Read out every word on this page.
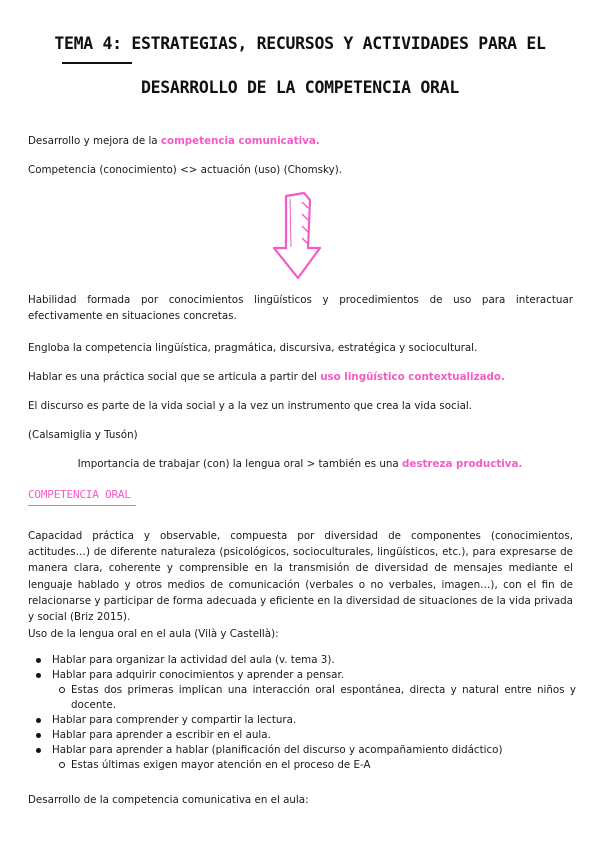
TEMA 4: ESTRATEGIAS, RECURSOS Y ACTIVIDADES PARA EL
DESARROLLO DE LA COMPETENCIA ORAL

Desarrollo y mejora de la competencia comunicativa.

Competencia (conocimiento) <> actuación (uso) (Chomsky).

Habilidad formada por conocimientos lingüísticos y procedimientos de uso para interactuar efectivamente en situaciones concretas.

Engloba la competencia lingüística, pragmática, discursiva, estratégica y sociocultural.

Hablar es una práctica social que se articula a partir del uso lingüístico contextualizado.

El discurso es parte de la vida social y a la vez un instrumento que crea la vida social.

(Calsamiglia y Tusón)

Importancia de trabajar (con) la lengua oral > también es una destreza productiva.

COMPETENCIA ORAL

Capacidad práctica y observable, compuesta por diversidad de componentes (conocimientos, actitudes…) de diferente naturaleza (psicológicos, socioculturales, lingüísticos, etc.), para expresarse de manera clara, coherente y comprensible en la transmisión de diversidad de mensajes mediante el lenguaje hablado y otros medios de comunicación (verbales o no verbales, imagen…), con el fin de relacionarse y participar de forma adecuada y eficiente en la diversidad de situaciones de la vida privada y social (Briz 2015).

Uso de la lengua oral en el aula (Vilà y Castellà):

Hablar para organizar la actividad del aula (v. tema 3).
Hablar para adquirir conocimientos y aprender a pensar.
Estas dos primeras implican una interacción oral espontánea, directa y natural entre niños y docente.
Hablar para comprender y compartir la lectura.
Hablar para aprender a escribir en el aula.
Hablar para aprender a hablar (planificación del discurso y acompañamiento didáctico)
Estas últimas exigen mayor atención en el proceso de E-A

Desarrollo de la competencia comunicativa en el aula:
